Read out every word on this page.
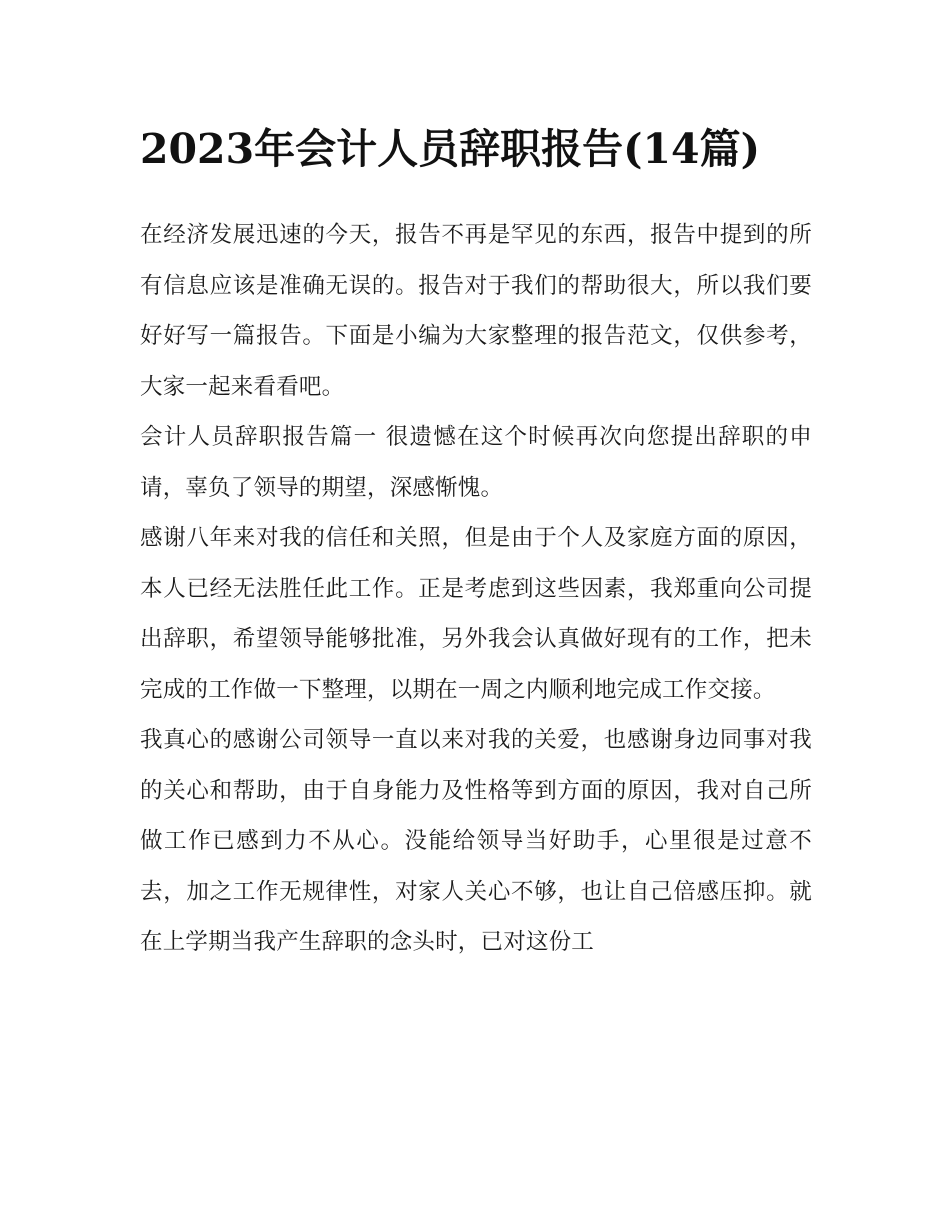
2023年会计人员辞职报告(14篇)

在经济发展迅速的今天，报告不再是罕见的东西，报告中提到的所有信息应该是准确无误的。报告对于我们的帮助很大，所以我们要好好写一篇报告。下面是小编为大家整理的报告范文，仅供参考，大家一起来看看吧。

会计人员辞职报告篇一 很遗憾在这个时候再次向您提出辞职的申请，辜负了领导的期望，深感惭愧。

感谢八年来对我的信任和关照，但是由于个人及家庭方面的原因，本人已经无法胜任此工作。正是考虑到这些因素，我郑重向公司提出辞职，希望领导能够批准，另外我会认真做好现有的工作，把未完成的工作做一下整理，以期在一周之内顺利地完成工作交接。

我真心的感谢公司领导一直以来对我的关爱，也感谢身边同事对我的关心和帮助，由于自身能力及性格等到方面的原因，我对自己所做工作已感到力不从心。没能给领导当好助手，心里很是过意不去，加之工作无规律性，对家人关心不够，也让自己倍感压抑。就在上学期当我产生辞职的念头时，已对这份工
